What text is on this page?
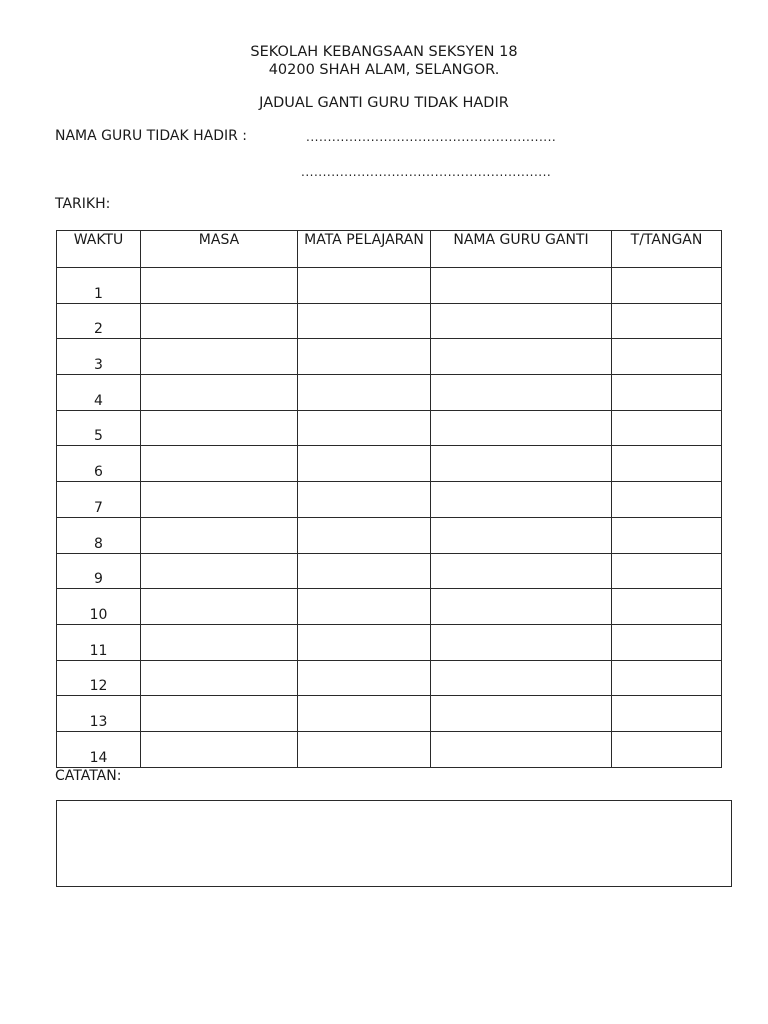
SEKOLAH KEBANGSAAN SEKSYEN 18
40200 SHAH ALAM, SELANGOR.
JADUAL GANTI GURU TIDAK HADIR
NAMA GURU TIDAK HADIR :	..........................................................
..........................................................
TARIKH:
WAKTU	MASA	MATA PELAJARAN	NAMA GURU GANTI	T/TANGAN
1				
2				
3				
4				
5				
6				
7				
8				
9				
10				
11				
12				
13				
14				
CATATAN:
